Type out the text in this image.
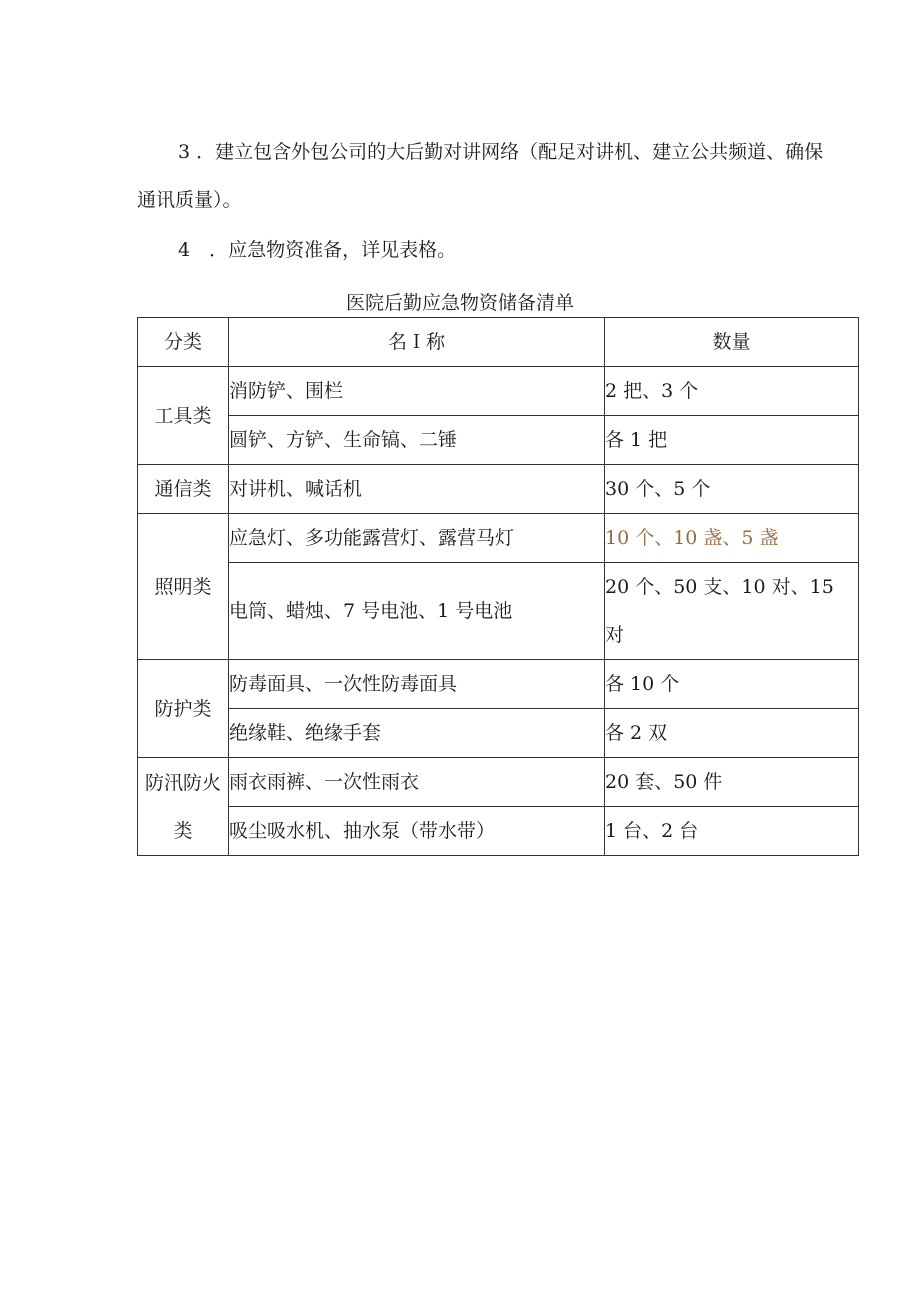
3 ．建立包含外包公司的大后勤对讲网络（配足对讲机、建立公共频道、确保
通讯质量）。
4　．应急物资准备，详见表格。
医院后勤应急物资储备清单
分类	名Ｉ称	数量
工具类	消防铲、围栏	2 把、3 个
	圆铲、方铲、生命镐、二锤	各 1 把
通信类	对讲机、喊话机	30 个、5 个
照明类	应急灯、多功能露营灯、露营马灯	10 个、10 盏、5 盏
	电筒、蜡烛、7 号电池、1 号电池	20 个、50 支、10 对、15
对

防护类	防毒面具、一次性防毒面具	各 10 个
	绝缘鞋、绝缘手套	各 2 双

防汛防火
类	雨衣雨裤、一次性雨衣	20 套、50 件
	吸尘吸水机、抽水泵（带水带）	1 台、2 台
